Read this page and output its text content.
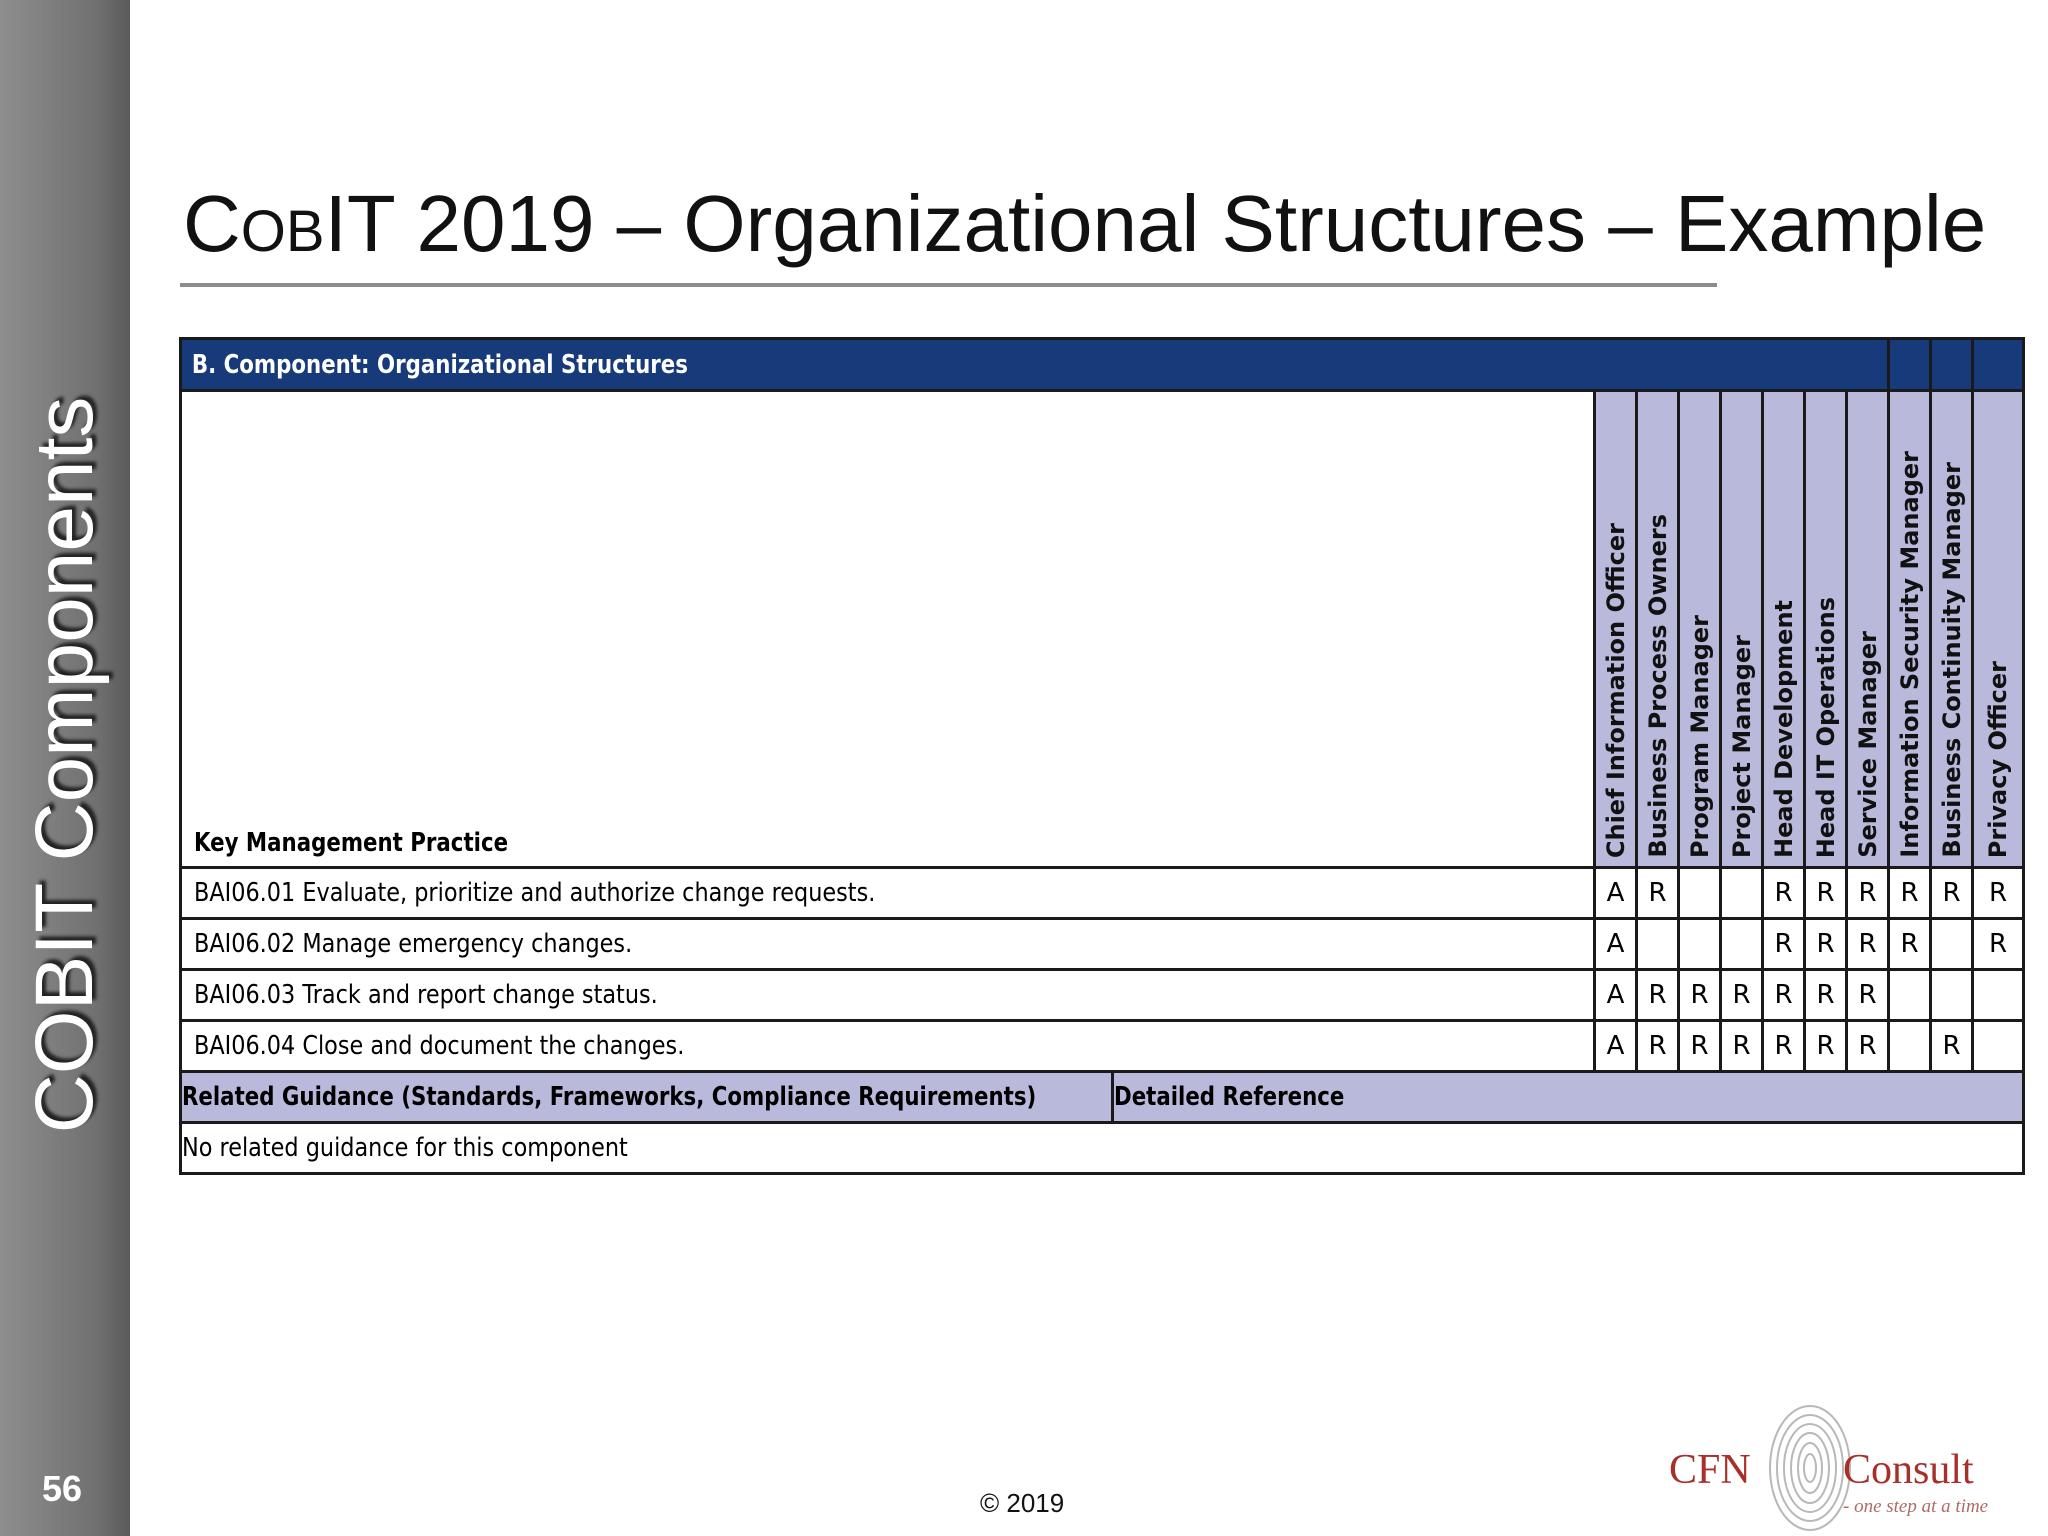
COBIT Components
56
COBIT 2019 – Organizational Structures – Example
B. Component: Organizational Structures											

Key Management Practice		Chief Information Officer	Business Process Owners	Program Manager	Project Manager	Head Development	Head IT Operations	Service Manager	Information Security Manager	Business Continuity Manager	Privacy Officer

BAI06.01 Evaluate, prioritize and authorize change requests.		A	R			R	R	R	R	R	R
BAI06.02 Manage emergency changes.		A				R	R	R	R		R
BAI06.03 Track and report change status.		A	R	R	R	R	R	R			
BAI06.04 Close and document the changes.		A	R	R	R	R	R	R		R	
Related Guidance (Standards, Frameworks, Compliance Requirements)	Detailed Reference										
No related guidance for this component											
© 2019
CFN Consult
- one step at a time
